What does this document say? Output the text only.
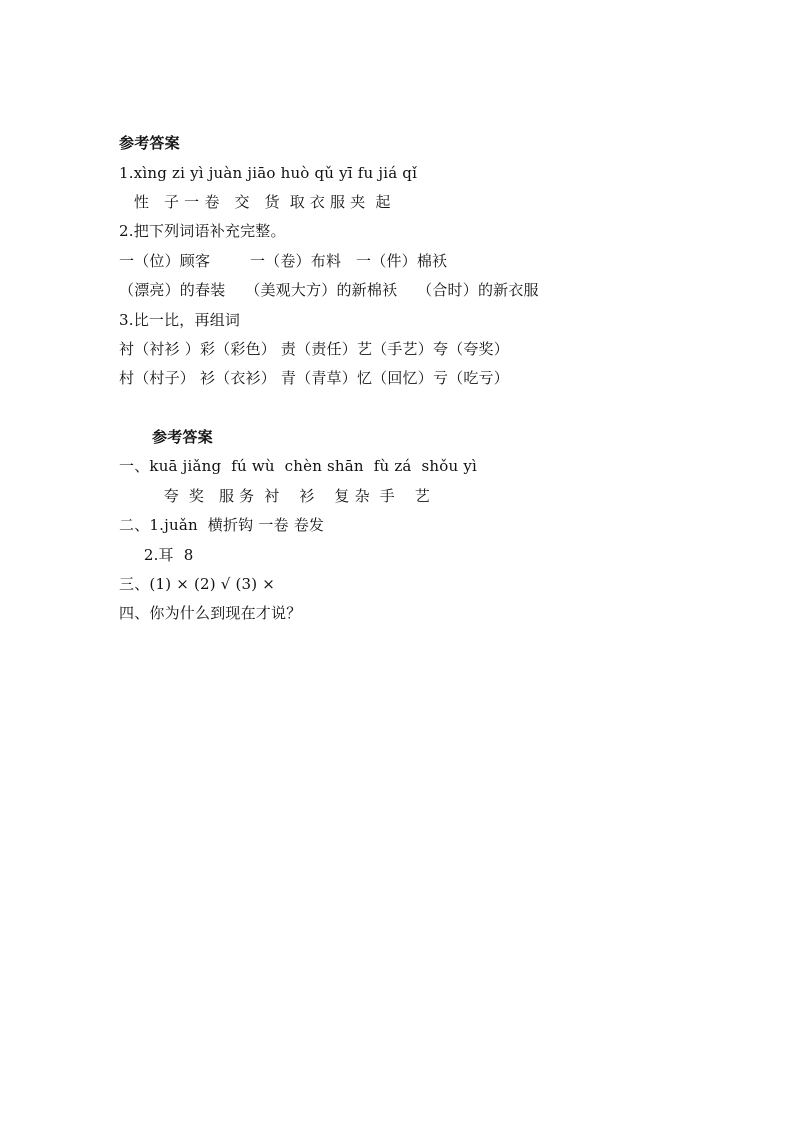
参考答案
1.xìng zi yì juàn jiāo huò qǔ yī fu jiá qǐ
性   子 一 卷   交   货  取 衣 服 夹  起
2.把下列词语补充完整。
一（位）顾客        一（卷）布料   一（件）棉袄
（漂亮）的春装    （美观大方）的新棉袄    （合时）的新衣服
3.比一比，再组词
衬（衬衫 ）彩（彩色） 责（责任）艺（手艺）夸（夸奖）
村（村子） 衫（衣衫） 青（青草）忆（回忆）亏（吃亏）
参考答案
一、kuā jiǎng  fú wù  chèn shān  fù zá  shǒu yì
夸  奖   服 务  衬    衫    复 杂  手    艺
二、1.juǎn  横折钩 一卷 卷发
2.耳  8
三、(1) × (2) √ (3) ×
四、你为什么到现在才说？
